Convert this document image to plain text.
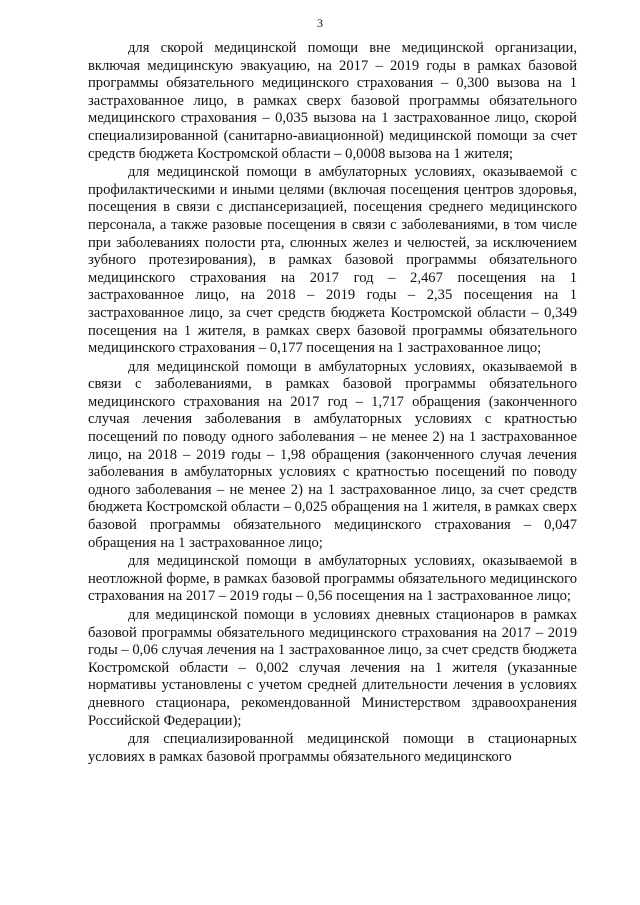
3

для скорой медицинской помощи вне медицинской организации, включая медицинскую эвакуацию, на 2017 – 2019 годы в рамках базовой программы обязательного медицинского страхования – 0,300 вызова на 1 застрахованное лицо, в рамках сверх базовой программы обязательного медицинского страхования – 0,035 вызова на 1 застрахованное лицо, скорой специализированной (санитарно-авиационной) медицинской помощи за счет средств бюджета Костромской области – 0,0008 вызова на 1 жителя;

для медицинской помощи в амбулаторных условиях, оказываемой с профилактическими и иными целями (включая посещения центров здоровья, посещения в связи с диспансеризацией, посещения среднего медицинского персонала, а также разовые посещения в связи с заболеваниями, в том числе при заболеваниях полости рта, слюнных желез и челюстей, за исключением зубного протезирования), в рамках базовой программы обязательного медицинского страхования на 2017 год – 2,467 посещения на 1 застрахованное лицо, на 2018 – 2019 годы – 2,35 посещения на 1 застрахованное лицо, за счет средств бюджета Костромской области – 0,349 посещения на 1 жителя, в рамках сверх базовой программы обязательного медицинского страхования – 0,177 посещения на 1 застрахованное лицо;

для медицинской помощи в амбулаторных условиях, оказываемой в связи с заболеваниями, в рамках базовой программы обязательного медицинского страхования на 2017 год – 1,717 обращения (законченного случая лечения заболевания в амбулаторных условиях с кратностью посещений по поводу одного заболевания – не менее 2) на 1 застрахованное лицо, на 2018 – 2019 годы – 1,98 обращения (законченного случая лечения заболевания в амбулаторных условиях с кратностью посещений по поводу одного заболевания – не менее 2) на 1 застрахованное лицо, за счет средств бюджета Костромской области – 0,025 обращения на 1 жителя, в рамках сверх базовой программы обязательного медицинского страхования – 0,047 обращения на 1 застрахованное лицо;

для медицинской помощи в амбулаторных условиях, оказываемой в неотложной форме, в рамках базовой программы обязательного медицинского страхования на 2017 – 2019 годы – 0,56 посещения на 1 застрахованное лицо;

для медицинской помощи в условиях дневных стационаров в рамках базовой программы обязательного медицинского страхования на 2017 – 2019 годы – 0,06 случая лечения на 1 застрахованное лицо, за счет средств бюджета Костромской области – 0,002 случая лечения на 1 жителя (указанные нормативы установлены с учетом средней длительности лечения в условиях дневного стационара, рекомендованной Министерством здравоохранения Российской Федерации);

для специализированной медицинской помощи в стационарных условиях в рамках базовой программы обязательного медицинского
